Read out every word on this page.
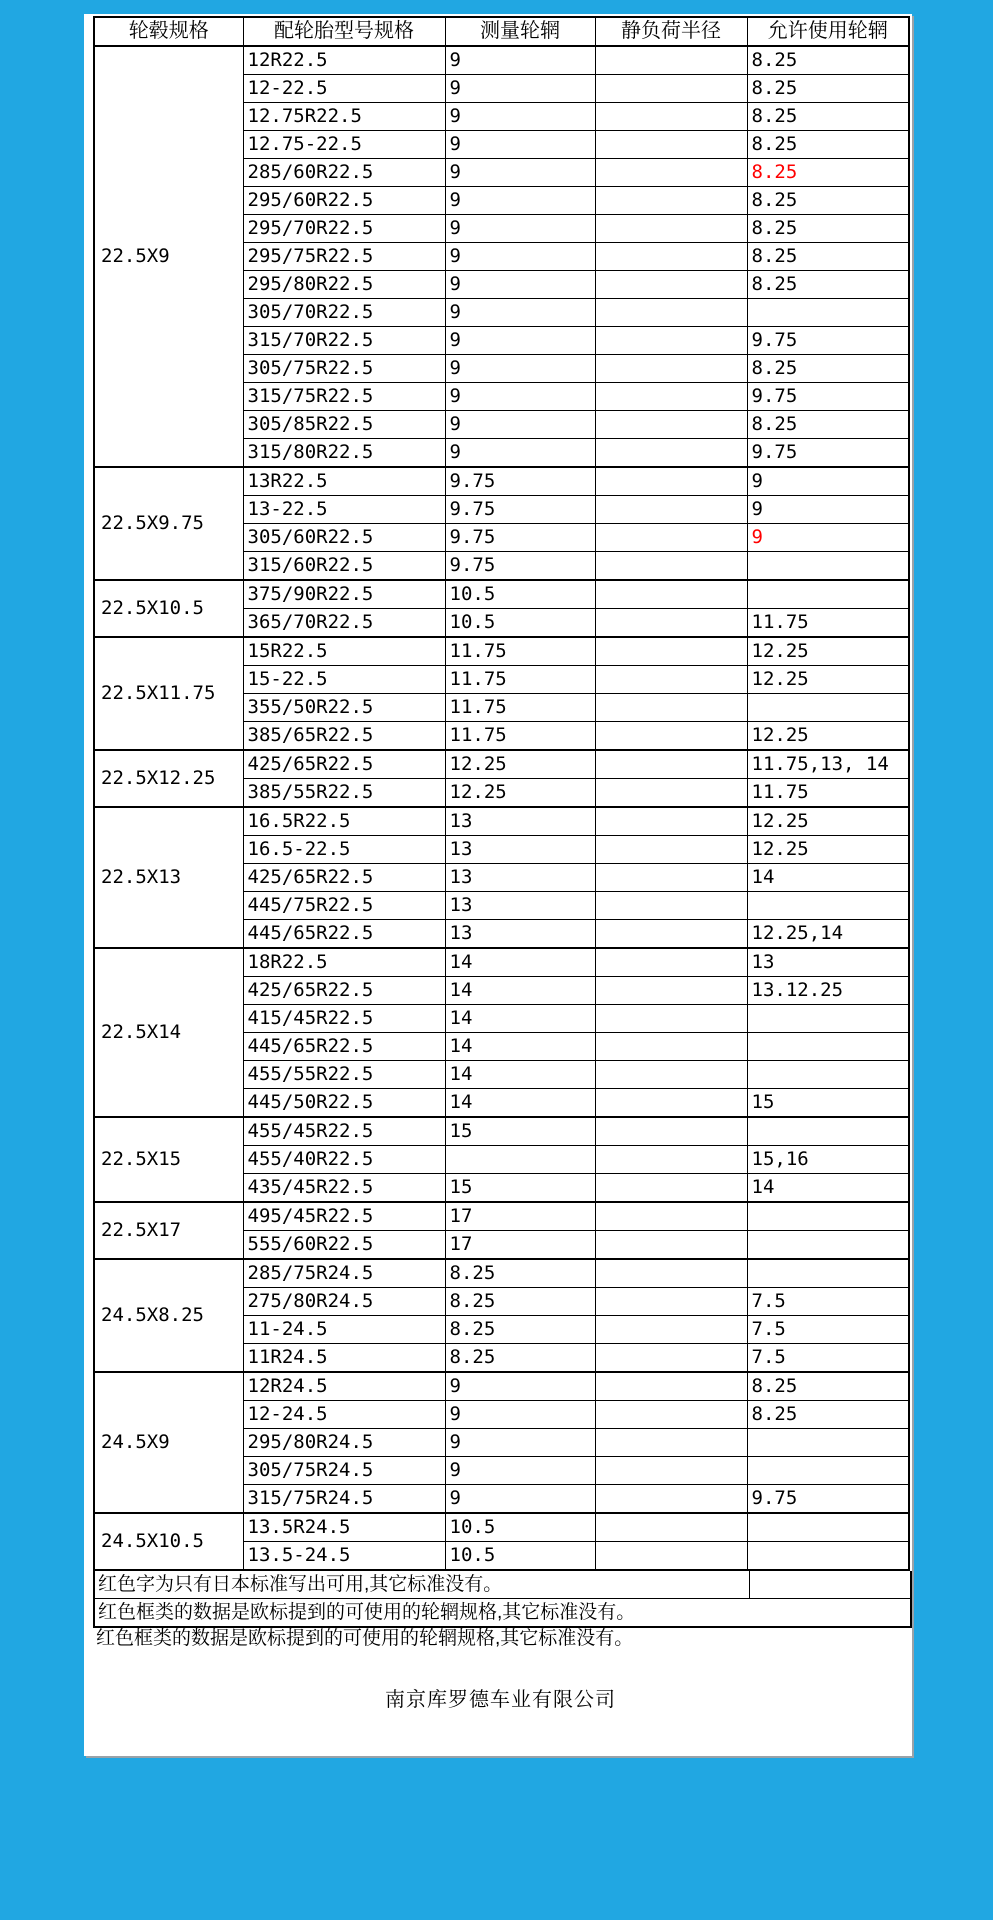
轮毂规格	配轮胎型号规格	测量轮辋	静负荷半径	允许使用轮辋
22.5X9	12R22.5	9		8.25
	12-22.5	9		8.25
	12.75R22.5	9		8.25
	12.75-22.5	9		8.25
	285/60R22.5	9		8.25
	295/60R22.5	9		8.25
	295/70R22.5	9		8.25
	295/75R22.5	9		8.25
	295/80R22.5	9		8.25
	305/70R22.5	9		
	315/70R22.5	9		9.75
	305/75R22.5	9		8.25
	315/75R22.5	9		9.75
	305/85R22.5	9		8.25
	315/80R22.5	9		9.75
22.5X9.75	13R22.5	9.75		9
	13-22.5	9.75		9
	305/60R22.5	9.75		9
	315/60R22.5	9.75		
22.5X10.5	375/90R22.5	10.5		
	365/70R22.5	10.5		11.75
22.5X11.75	15R22.5	11.75		12.25
	15-22.5	11.75		12.25
	355/50R22.5	11.75		
	385/65R22.5	11.75		12.25
22.5X12.25	425/65R22.5	12.25		11.75,13, 14
	385/55R22.5	12.25		11.75
22.5X13	16.5R22.5	13		12.25
	16.5-22.5	13		12.25
	425/65R22.5	13		14
	445/75R22.5	13		
	445/65R22.5	13		12.25,14
22.5X14	18R22.5	14		13
	425/65R22.5	14		13.12.25
	415/45R22.5	14		
	445/65R22.5	14		
	455/55R22.5	14		
	445/50R22.5	14		15
22.5X15	455/45R22.5	15		
	455/40R22.5			15,16
	435/45R22.5	15		14
22.5X17	495/45R22.5	17		
	555/60R22.5	17		
24.5X8.25	285/75R24.5	8.25		
	275/80R24.5	8.25		7.5
	11-24.5	8.25		7.5
	11R24.5	8.25		7.5
24.5X9	12R24.5	9		8.25
	12-24.5	9		8.25
	295/80R24.5	9		
	305/75R24.5	9		
	315/75R24.5	9		9.75
24.5X10.5	13.5R24.5	10.5		
	13.5-24.5	10.5		
红色字为只有日本标准写出可用,其它标准没有。
红色框类的数据是欧标提到的可使用的轮辋规格,其它标准没有。
红色框类的数据是欧标提到的可使用的轮辋规格,其它标准没有。
南京库罗德车业有限公司
